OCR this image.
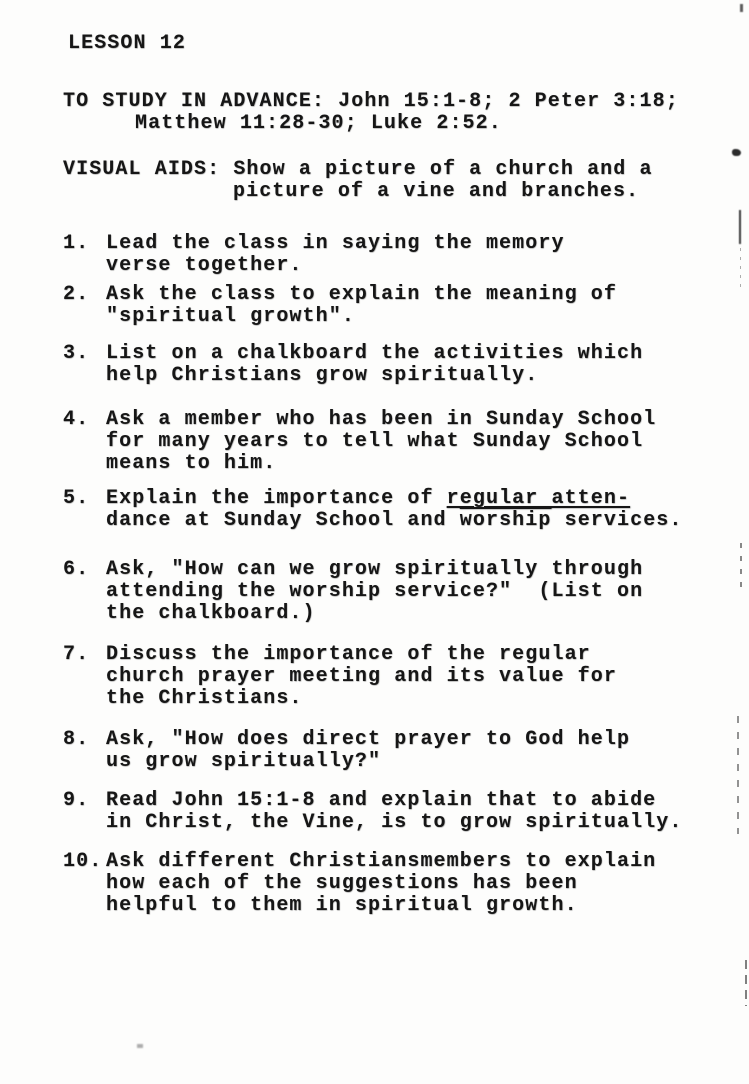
LESSON 12
TO STUDY IN ADVANCE: John 15:1-8; 2 Peter 3:18;
Matthew 11:28-30; Luke 2:52.
VISUAL AIDS: Show a picture of a church and a
picture of a vine and branches.
1. Lead the class in saying the memory
verse together.
2. Ask the class to explain the meaning of
"spiritual growth".
3. List on a chalkboard the activities which
help Christians grow spiritually.
4. Ask a member who has been in Sunday School
for many years to tell what Sunday School
means to him.
5. Explain the importance of regular atten-
dance at Sunday School and worship services.
6. Ask, "How can we grow spiritually through
attending the worship service?"  (List on
the chalkboard.)
7. Discuss the importance of the regular
church prayer meeting and its value for
the Christians.
8. Ask, "How does direct prayer to God help
us grow spiritually?"
9. Read John 15:1-8 and explain that to abide
in Christ, the Vine, is to grow spiritually.
10. Ask different Christiansmembers to explain
how each of the suggestions has been
helpful to them in spiritual growth.
